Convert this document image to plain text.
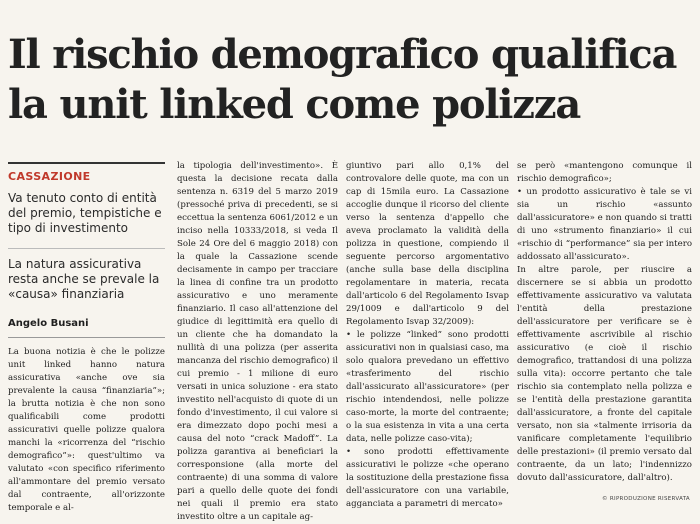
Il rischio demografico qualifica
la unit linked come polizza
CASSAZIONE
Va tenuto conto di entità del premio, tempistiche e tipo di investimento
La natura assicurativa resta anche se prevale la «causa» finanziaria
Angelo Busani

La buona notizia è che le polizze unit linked hanno natura assicurativa «anche ove sia prevalente la causa “finanziaria”»; la brutta notizia è che non sono qualificabili come prodotti assicurativi quelle polizze qualora manchi la «ricorrenza del “rischio demografico”»: quest'ultimo va valutato «con specifico riferimento all'ammontare del premio versato dal contraente, all'orizzonte temporale e al-

la tipologia dell'investimento». È questa la decisione recata dalla sentenza n. 6319 del 5 marzo 2019 (pressoché priva di precedenti, se si eccettua la sentenza 6061/2012 e un inciso nella 10333/2018, si veda Il Sole 24 Ore del 6 maggio 2018) con la quale la Cassazione scende decisamente in campo per tracciare la linea di confine tra un prodotto assicurativo e uno meramente finanziario. Il caso all'attenzione del giudice di legittimità era quello di un cliente che ha domandato la nullità di una polizza (per asserita mancanza del rischio demografico) il cui premio - 1 milione di euro versati in unica soluzione - era stato investito nell'acquisto di quote di un fondo d'investimento, il cui valore si era dimezzato dopo pochi mesi a causa del noto “crack Madoff”. La polizza garantiva ai beneficiari la corresponsione (alla morte del contraente) di una somma di valore pari a quello delle quote dei fondi nei quali il premio era stato investito oltre a un capitale ag-

giuntivo pari allo 0,1% del controvalore delle quote, ma con un cap di 15mila euro. La Cassazione accoglie dunque il ricorso del cliente verso la sentenza d'appello che aveva proclamato la validità della polizza in questione, compiendo il seguente percorso argomentativo (anche sulla base della disciplina regolamentare in materia, recata dall'articolo 6 del Regolamento Isvap 29/1009 e dall'articolo 9 del Regolamento Isvap 32/2009):
• le polizze “linked” sono prodotti assicurativi non in qualsiasi caso, ma solo qualora prevedano un effettivo «trasferimento del rischio dall'assicurato all'assicuratore» (per rischio intendendosi, nelle polizze caso-morte, la morte del contraente; o la sua esistenza in vita a una certa data, nelle polizze caso-vita);
• sono prodotti effettivamente assicurativi le polizze «che operano la sostituzione della prestazione fissa dell'assicuratore con una variabile, agganciata a parametri di mercato»

se però «mantengono comunque il rischio demografico»;
• un prodotto assicurativo è tale se vi sia un rischio «assunto dall'assicuratore» e non quando si tratti di uno «strumento finanziario» il cui «rischio di “performance” sia per intero addossato all'assicurato».
In altre parole, per riuscire a discernere se si abbia un prodotto effettivamente assicurativo va valutata l'entità della prestazione dell'assicuratore per verificare se è effettivamente ascrivibile al rischio assicurativo (e cioè il rischio demografico, trattandosi di una polizza sulla vita): occorre pertanto che tale rischio sia contemplato nella polizza e se l'entità della prestazione garantita dall'assicuratore, a fronte del capitale versato, non sia «talmente irrisoria da vanificare completamente l'equilibrio delle prestazioni» (il premio versato dal contraente, da un lato; l'indennizzo dovuto dall'assicuratore, dall'altro).

© RIPRODUZIONE RISERVATA
